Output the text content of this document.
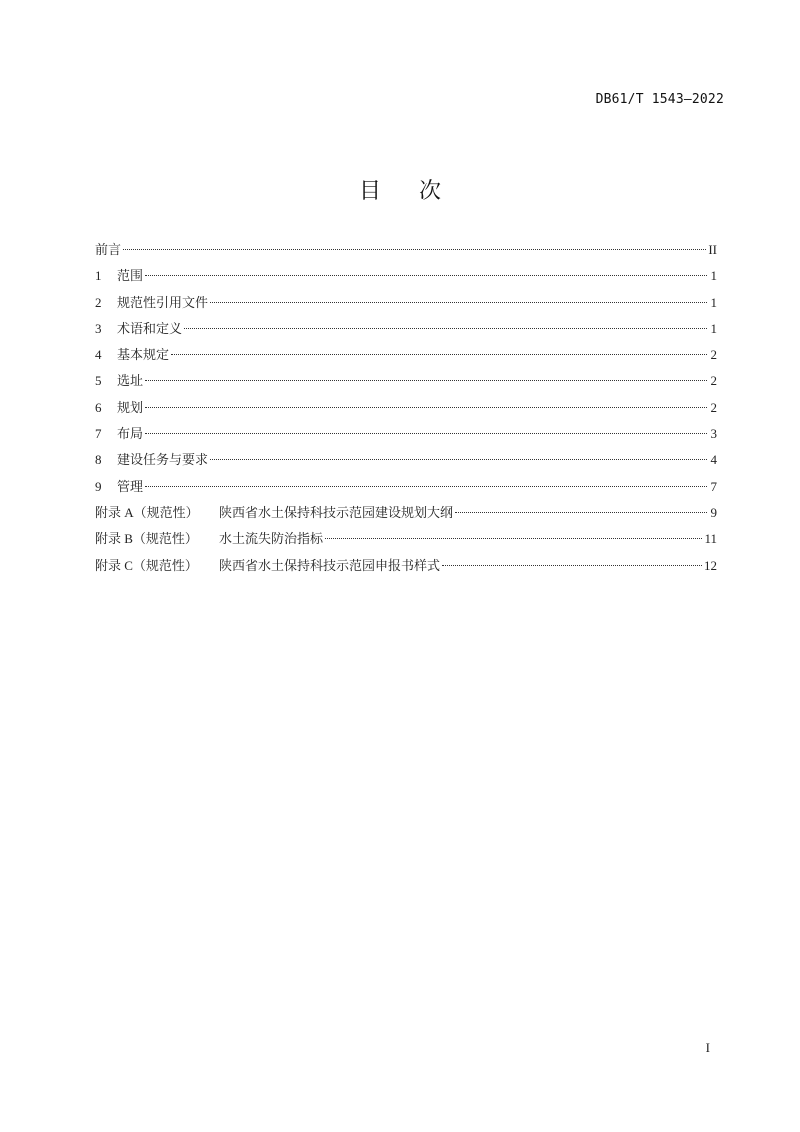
DB61/T 1543—2022
目 次
前言	II
1	范围	1
2	规范性引用文件	1
3	术语和定义	1
4	基本规定	2
5	选址	2
6	规划	2
7	布局	3
8	建设任务与要求	4
9	管理	7
附录 A（规范性）	陕西省水土保持科技示范园建设规划大纲	9
附录 B（规范性）	水土流失防治指标	11
附录 C（规范性）	陕西省水土保持科技示范园申报书样式	12
I
